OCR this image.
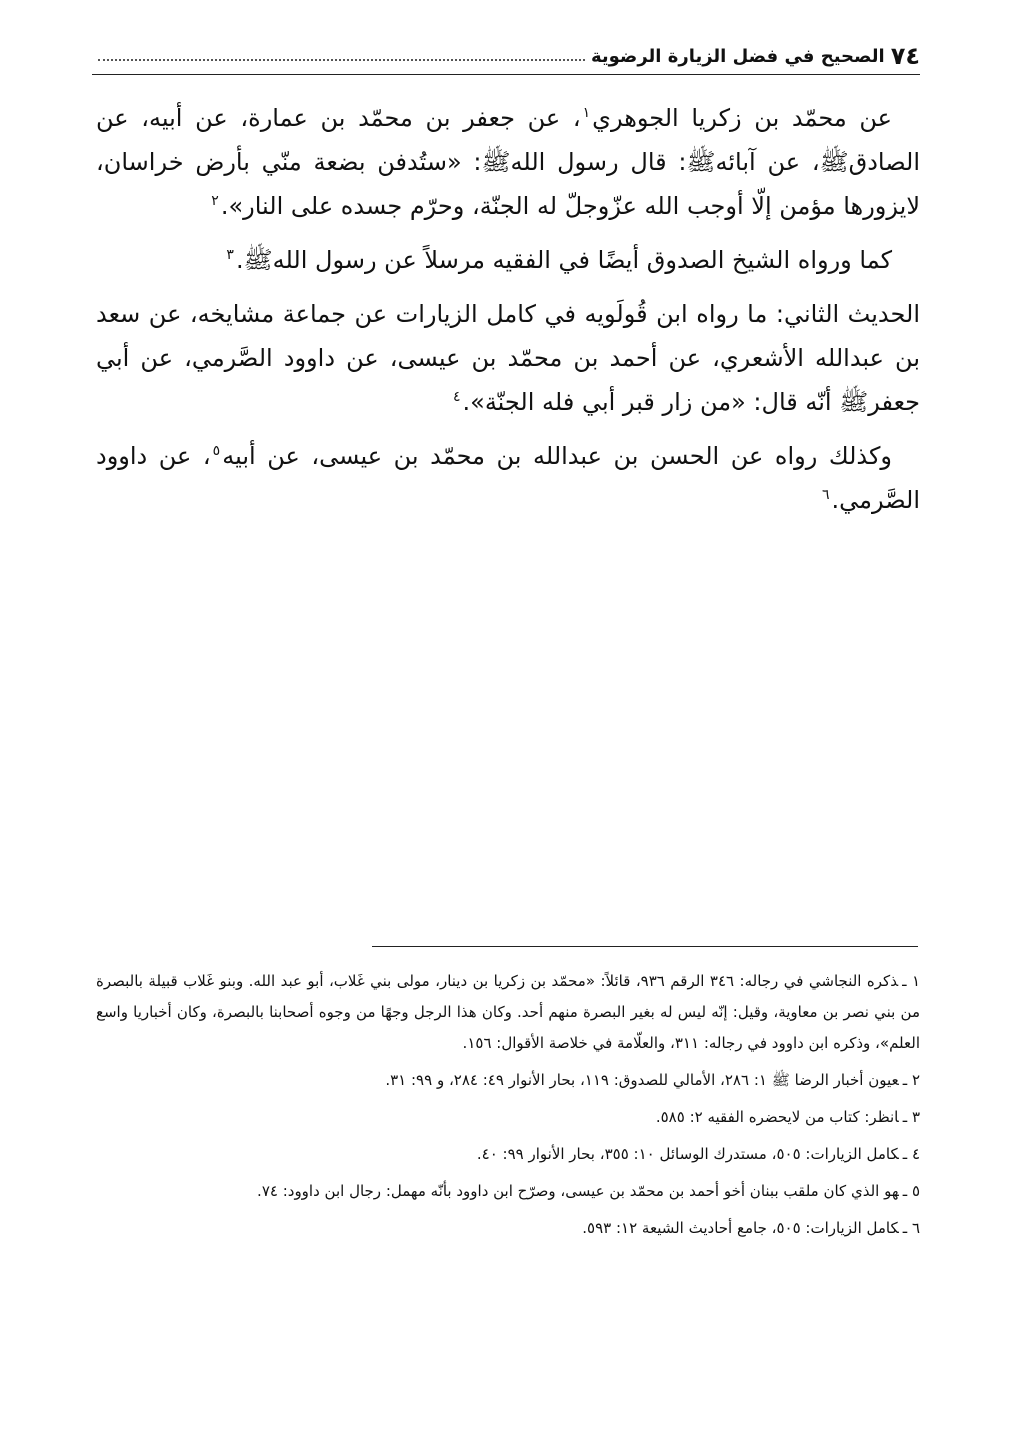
٧٤
الصحيح في فضل الزيارة الرضوية

عن محمّد بن زكريا الجوهري$^١$، عن جعفر بن محمّد بن عمارة، عن أبيه، عن الصادقﷺ، عن آبائهﷺ: قال رسول اللهﷺ: «ستُدفن بضعة منّي بأرض خراسان، لايزورها مؤمن إلّا أوجب الله عزّوجلّ له الجنّة، وحرّم جسده على النار».$^٢$

كما ورواه الشيخ الصدوق أيضًا في الفقيه مرسلاً عن رسول اللهﷺ.$^٣$

الحديث الثاني: ما رواه ابن قُولَويه في كامل الزيارات عن جماعة مشايخه، عن سعد بن عبدالله الأشعري، عن أحمد بن محمّد بن عيسى، عن داوود الصَّرمي، عن أبي جعفرﷺ أنّه قال: «من زار قبر أبي فله الجنّة».$^٤$

وكذلك رواه عن الحسن بن عبدالله بن محمّد بن عيسى، عن أبيه$^٥$، عن داوود الصَّرمي.$^٦$

١ ـذكره النجاشي في رجاله: ٣٤٦ الرقم ٩٣٦، قائلاً: «محمّد بن زكريا بن دينار، مولى بني غَلاب، أبو عبد الله. وبنو غَلاب قبيلة بالبصرة من بني نصر بن معاوية، وقيل: إنّه ليس له بغير البصرة منهم أحد. وكان هذا الرجل وجهًا من وجوه أصحابنا بالبصرة، وكان أخباريا واسع العلم»، وذكره ابن داوود في رجاله: ٣١١، والعلّامة في خلاصة الأقوال: ١٥٦.

٢ ـعيون أخبار الرضا ﷺ ١: ٢٨٦، الأمالي للصدوق: ١١٩، بحار الأنوار ٤٩: ٢٨٤، و ٩٩: ٣١.

٣ ـانظر: كتاب من لايحضره الفقيه ٢: ٥٨٥.

٤ ـكامل الزيارات: ٥٠٥، مستدرك الوسائل ١٠: ٣٥٥، بحار الأنوار ٩٩: ٤٠.

٥ ـهو الذي كان ملقب ببنان أخو أحمد بن محمّد بن عيسى، وصرّح ابن داوود بأنّه مهمل: رجال ابن داوود: ٧٤.

٦ ـكامل الزيارات: ٥٠٥، جامع أحاديث الشيعة ١٢: ٥٩٣.
